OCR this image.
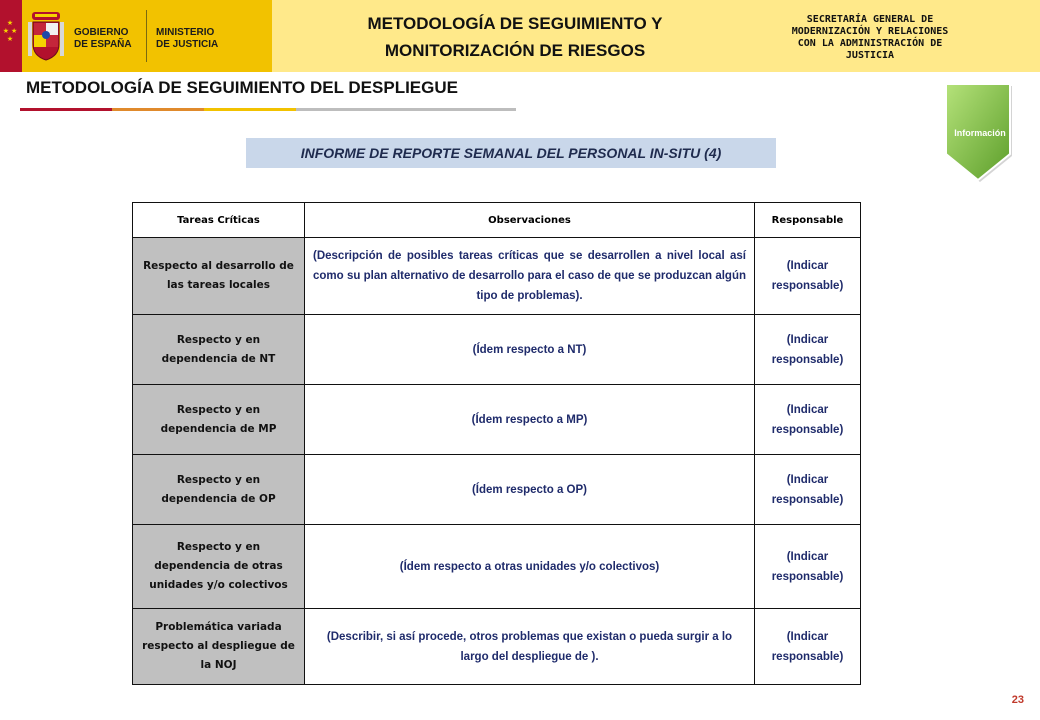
★
★ ★
★
GOBIERNO
DE ESPAÑA
MINISTERIO
DE JUSTICIA
METODOLOGÍA DE SEGUIMIENTO Y
MONITORIZACIÓN DE RIESGOS
SECRETARÍA GENERAL DE
MODERNIZACIÓN Y RELACIONES
CON LA ADMINISTRACIÓN DE
JUSTICIA
METODOLOGÍA DE SEGUIMIENTO DEL DESPLIEGUE
Información
INFORME DE REPORTE SEMANAL DEL PERSONAL IN-SITU (4)
Tareas Críticas	Observaciones	Responsable
Respecto al desarrollo de las tareas locales	(Descripción de posibles tareas críticas que se desarrollen a nivel local así como su plan alternativo de desarrollo para el caso de que se produzcan algún tipo de problemas).	(Indicar responsable)
Respecto y en dependencia de NT	(Ídem respecto a NT)	(Indicar responsable)
Respecto y en dependencia de MP	(Ídem respecto a MP)	(Indicar responsable)
Respecto y en dependencia de OP	(Ídem respecto a OP)	(Indicar responsable)
Respecto y en dependencia de otras unidades y/o colectivos	(Ídem respecto a otras unidades y/o colectivos)	(Indicar responsable)
Problemática variada respecto al despliegue de la NOJ	(Describir, si así procede, otros problemas que existan o pueda surgir a lo largo del despliegue de ).	(Indicar responsable)
23
